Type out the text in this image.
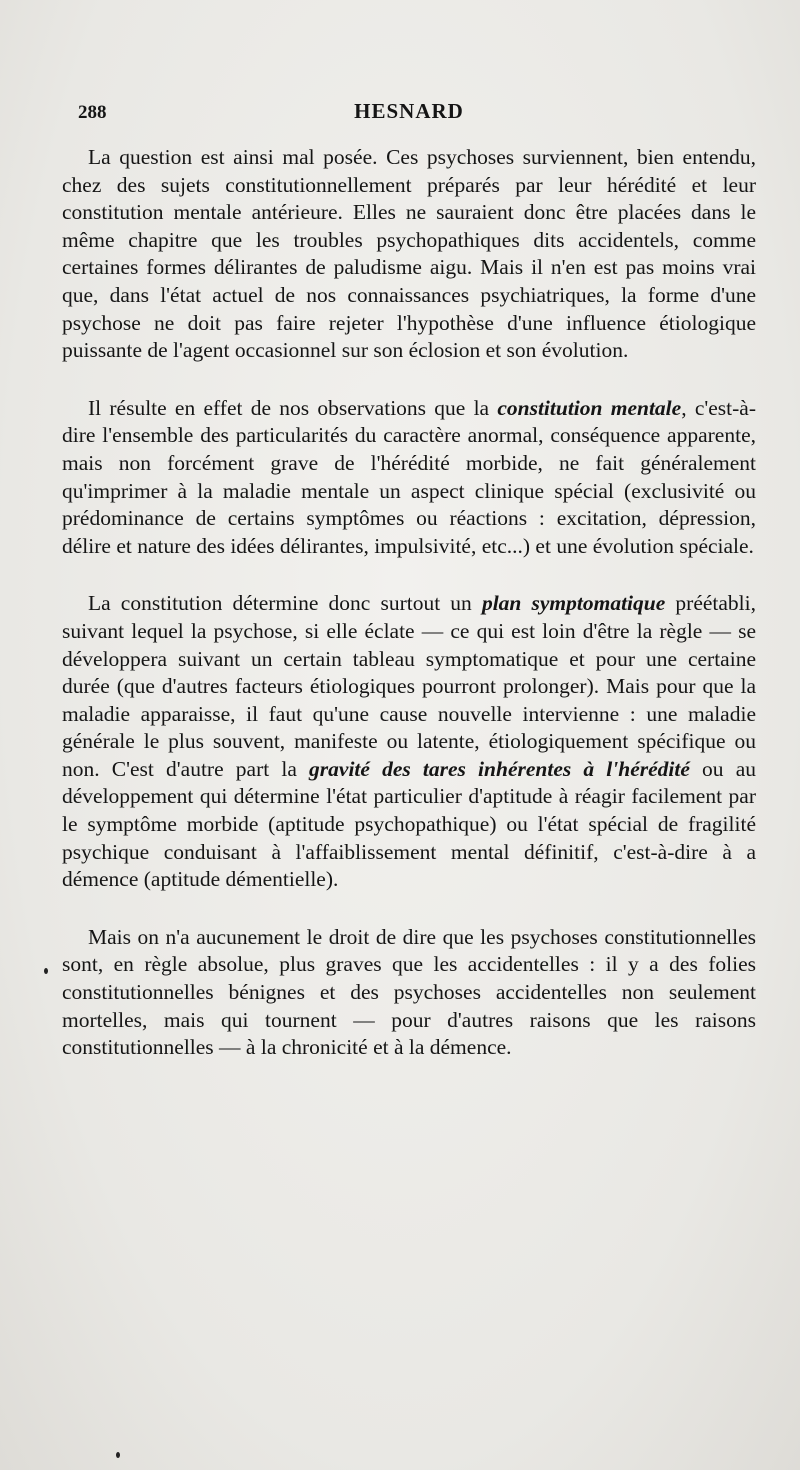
288	HESNARD

La question est ainsi mal posée. Ces psychoses surviennent, bien entendu, chez des sujets constitutionnellement préparés par leur hérédité et leur constitution mentale antérieure. Elles ne sauraient donc être placées dans le même chapitre que les troubles psychopathiques dits accidentels, comme certaines formes délirantes de paludisme aigu. Mais il n'en est pas moins vrai que, dans l'état actuel de nos connaissances psychiatriques, la forme d'une psychose ne doit pas faire rejeter l'hypothèse d'une influence étiologique puissante de l'agent occasionnel sur son éclosion et son évolution.

Il résulte en effet de nos observations que la constitution mentale, c'est-à-dire l'ensemble des particularités du caractère anormal, conséquence apparente, mais non forcément grave de l'hérédité morbide, ne fait généralement qu'imprimer à la maladie mentale un aspect clinique spécial (exclusivité ou prédominance de certains symptômes ou réactions : excitation, dépression, délire et nature des idées délirantes, impulsivité, etc...) et une évolution spéciale.

La constitution détermine donc surtout un plan symptomatique préétabli, suivant lequel la psychose, si elle éclate — ce qui est loin d'être la règle — se développera suivant un certain tableau symptomatique et pour une certaine durée (que d'autres facteurs étiologiques pourront prolonger). Mais pour que la maladie apparaisse, il faut qu'une cause nouvelle intervienne : une maladie générale le plus souvent, manifeste ou latente, étiologiquement spécifique ou non. C'est d'autre part la gravité des tares inhérentes à l'hérédité ou au développement qui détermine l'état particulier d'aptitude à réagir facilement par le symptôme morbide (aptitude psychopathique) ou l'état spécial de fragilité psychique conduisant à l'affaiblissement mental définitif, c'est-à-dire à a démence (aptitude démentielle).

Mais on n'a aucunement le droit de dire que les psychoses constitutionnelles sont, en règle absolue, plus graves que les accidentelles : il y a des folies constitutionnelles bénignes et des psychoses accidentelles non seulement mortelles, mais qui tournent — pour d'autres raisons que les raisons constitutionnelles — à la chronicité et à la démence.
